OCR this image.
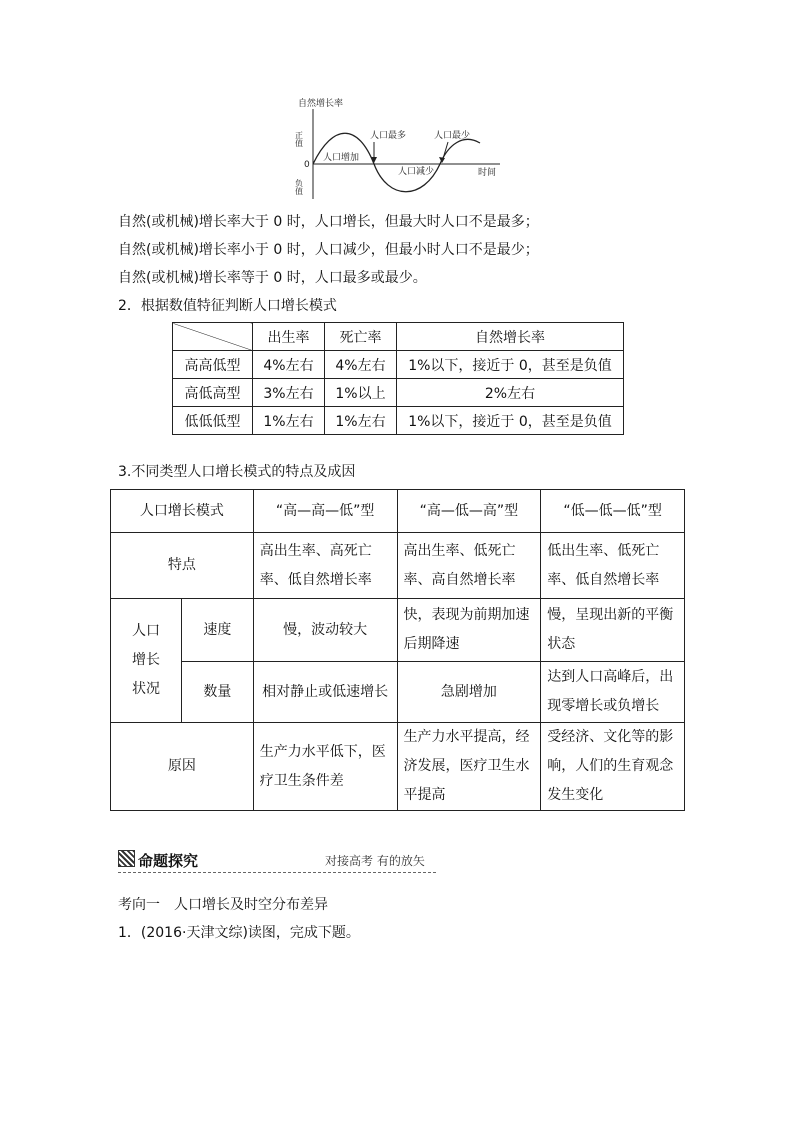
自然增长率
正值
0
负值
时间
人口增加
人口减少
人口最多	人口最少
自然(或机械)增长率大于 0 时，人口增长，但最大时人口不是最多；
自然(或机械)增长率小于 0 时，人口减少，但最小时人口不是最少；
自然(或机械)增长率等于 0 时，人口最多或最少。
2．根据数值特征判断人口增长模式
	出生率	死亡率	自然增长率
高高低型	4%左右	4%左右	1%以下，接近于 0，甚至是负值
高低高型	3%左右	1%以上	2%左右
低低低型	1%左右	1%左右	1%以下，接近于 0，甚至是负值
3.不同类型人口增长模式的特点及成因
人口增长模式		“高—高—低”型	“高—低—高”型	“低—低—低”型
特点		高出生率、高死亡率、低自然增长率	高出生率、低死亡率、高自然增长率	低出生率、低死亡率、低自然增长率
人口增长状况	速度	慢，波动较大	快，表现为前期加速后期降速	慢，呈现出新的平衡状态
	数量	相对静止或低速增长	急剧增加	达到人口高峰后，出现零增长或负增长
原因		生产力水平低下，医疗卫生条件差	生产力水平提高，经济发展，医疗卫生水平提高	受经济、文化等的影响，人们的生育观念发生变化
命题探究	对接高考 有的放矢
考向一　人口增长及时空分布差异
1．(2016·天津文综)读图，完成下题。
